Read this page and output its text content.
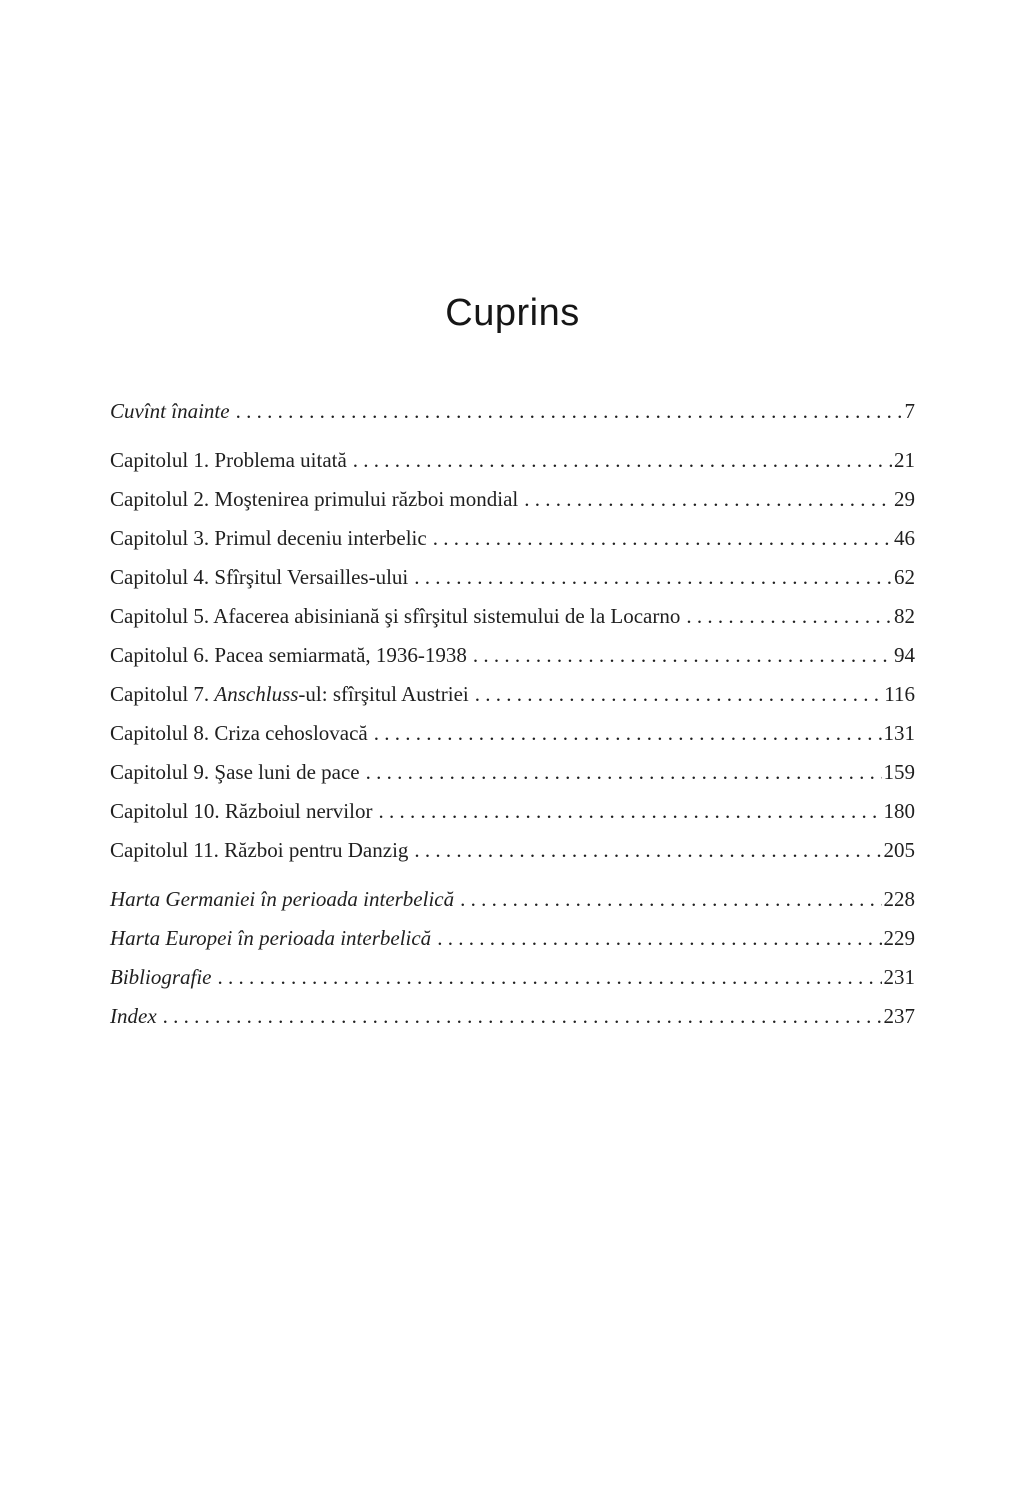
Cuprins
Cuvînt înainte . . .	7
Capitolul 1. Problema uitată . . .	21
Capitolul 2. Moştenirea primului război mondial . . .	29
Capitolul 3. Primul deceniu interbelic . . .	46
Capitolul 4. Sfîrşitul Versailles-ului . . .	62
Capitolul 5. Afacerea abisiniană şi sfîrşitul sistemului de la Locarno . . .	82
Capitolul 6. Pacea semiarmată, 1936-1938 . . .	94
Capitolul 7. Anschluss-ul: sfîrşitul Austriei . . .	116
Capitolul 8. Criza cehoslovacă . . .	131
Capitolul 9. Şase luni de pace . . .	159
Capitolul 10. Războiul nervilor . . .	180
Capitolul 11. Război pentru Danzig . . .	205
Harta Germaniei în perioada interbelică . . .	228
Harta Europei în perioada interbelică . . .	229
Bibliografie . . .	231
Index . . .	237
